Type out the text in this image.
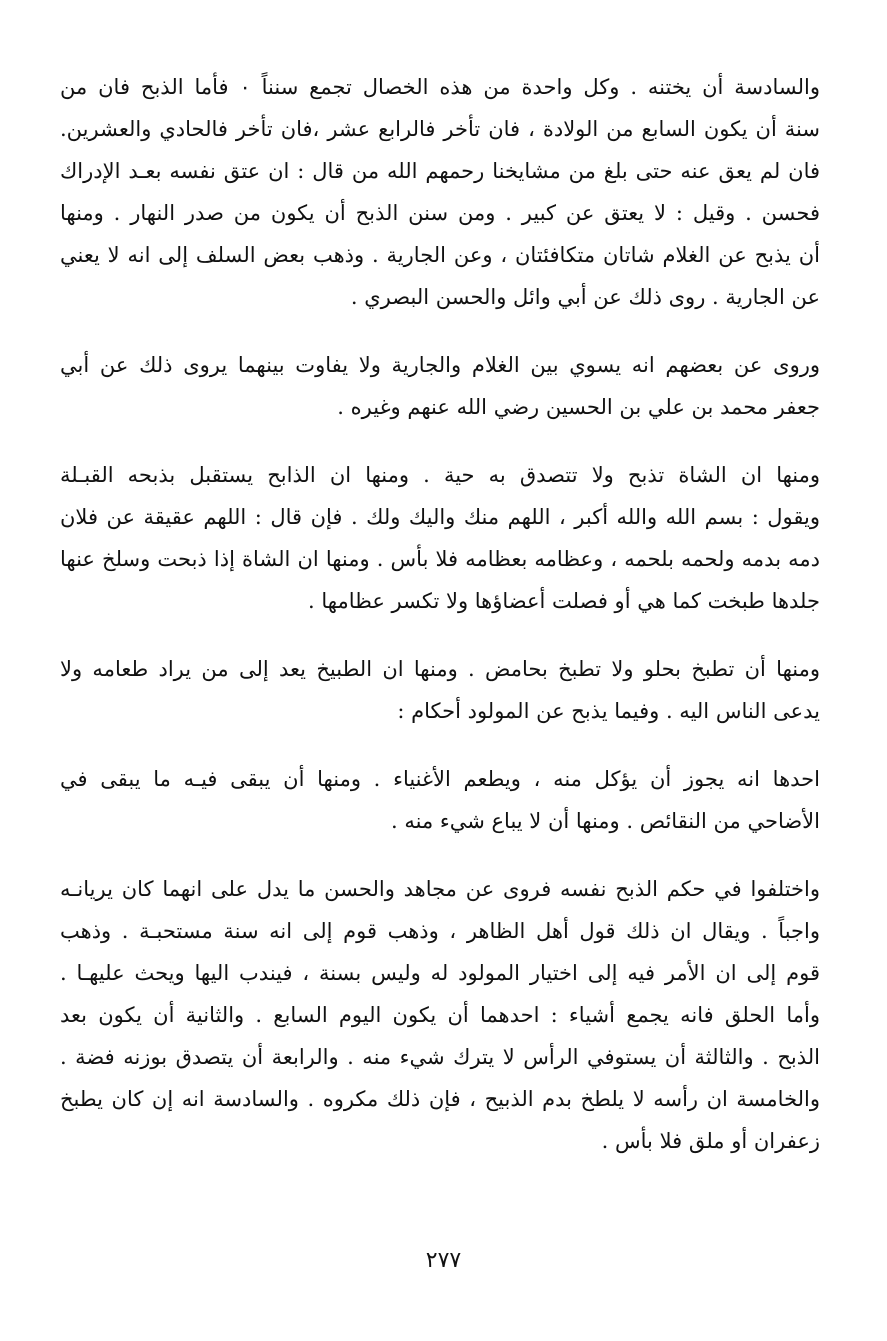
والسادسة أن يختنه . وكل واحدة من هذه الخصال تجمع سنناً ٠ فأما الذبح فان من
سنة أن يكون السابع من الولادة ، فان تأخر فالرابع عشر ،فان تأخر فالحادي والعشرين.
فان لم يعق عنه حتى بلغ من مشايخنا رحمهم الله من قال : ان عتق نفسه بعـد الإدراك
فحسن . وقيل : لا يعتق عن كبير . ومن سنن الذبح أن يكون من صدر النهار . ومنها
أن يذبح عن الغلام شاتان متكافئتان ، وعن الجارية . وذهب بعض السلف إلى انه لا يعني
عن الجارية . روى ذلك عن أبي وائل والحسن البصري .
وروى عن بعضهم انه يسوي بين الغلام والجارية ولا يفاوت بينهما يروى ذلك عن أبي
جعفر محمد بن علي بن الحسين رضي الله عنهم وغيره .
ومنها ان الشاة تذبح ولا تتصدق به حية . ومنها ان الذابح يستقبل بذبحه القبـلة
ويقول : بسم الله والله أكبر ، اللهم منك واليك ولك . فإن قال : اللهم عقيقة عن فلان
دمه بدمه ولحمه بلحمه ، وعظامه بعظامه فلا بأس . ومنها ان الشاة إذا ذبحت وسلخ عنها
جلدها طبخت كما هي أو فصلت أعضاؤها ولا تكسر عظامها .
ومنها أن تطبخ بحلو ولا تطبخ بحامض . ومنها ان الطبيخ يعد إلى من يراد طعامه ولا
يدعى الناس اليه . وفيما يذبح عن المولود أحكام :
احدها انه يجوز أن يؤكل منه ، ويطعم الأغنياء . ومنها أن يبقى فيـه ما يبقى في
الأضاحي من النقائص . ومنها أن لا يباع شيء منه .
واختلفوا في حكم الذبح نفسه فروى عن مجاهد والحسن ما يدل على انهما كان يريانـه
واجباً . ويقال ان ذلك قول أهل الظاهر ، وذهب قوم إلى انه سنة مستحبـة . وذهب
قوم إلى ان الأمر فيه إلى اختيار المولود له وليس بسنة ، فيندب اليها ويحث عليهـا .
وأما الحلق فانه يجمع أشياء : احدهما أن يكون اليوم السابع . والثانية أن يكون بعد
الذبح . والثالثة أن يستوفي الرأس لا يترك شيء منه . والرابعة أن يتصدق بوزنه فضة .
والخامسة ان رأسه لا يلطخ بدم الذبيح ، فإن ذلك مكروه . والسادسة انه إن كان يطبخ
زعفران أو ملق فلا بأس .
٢٧٧
